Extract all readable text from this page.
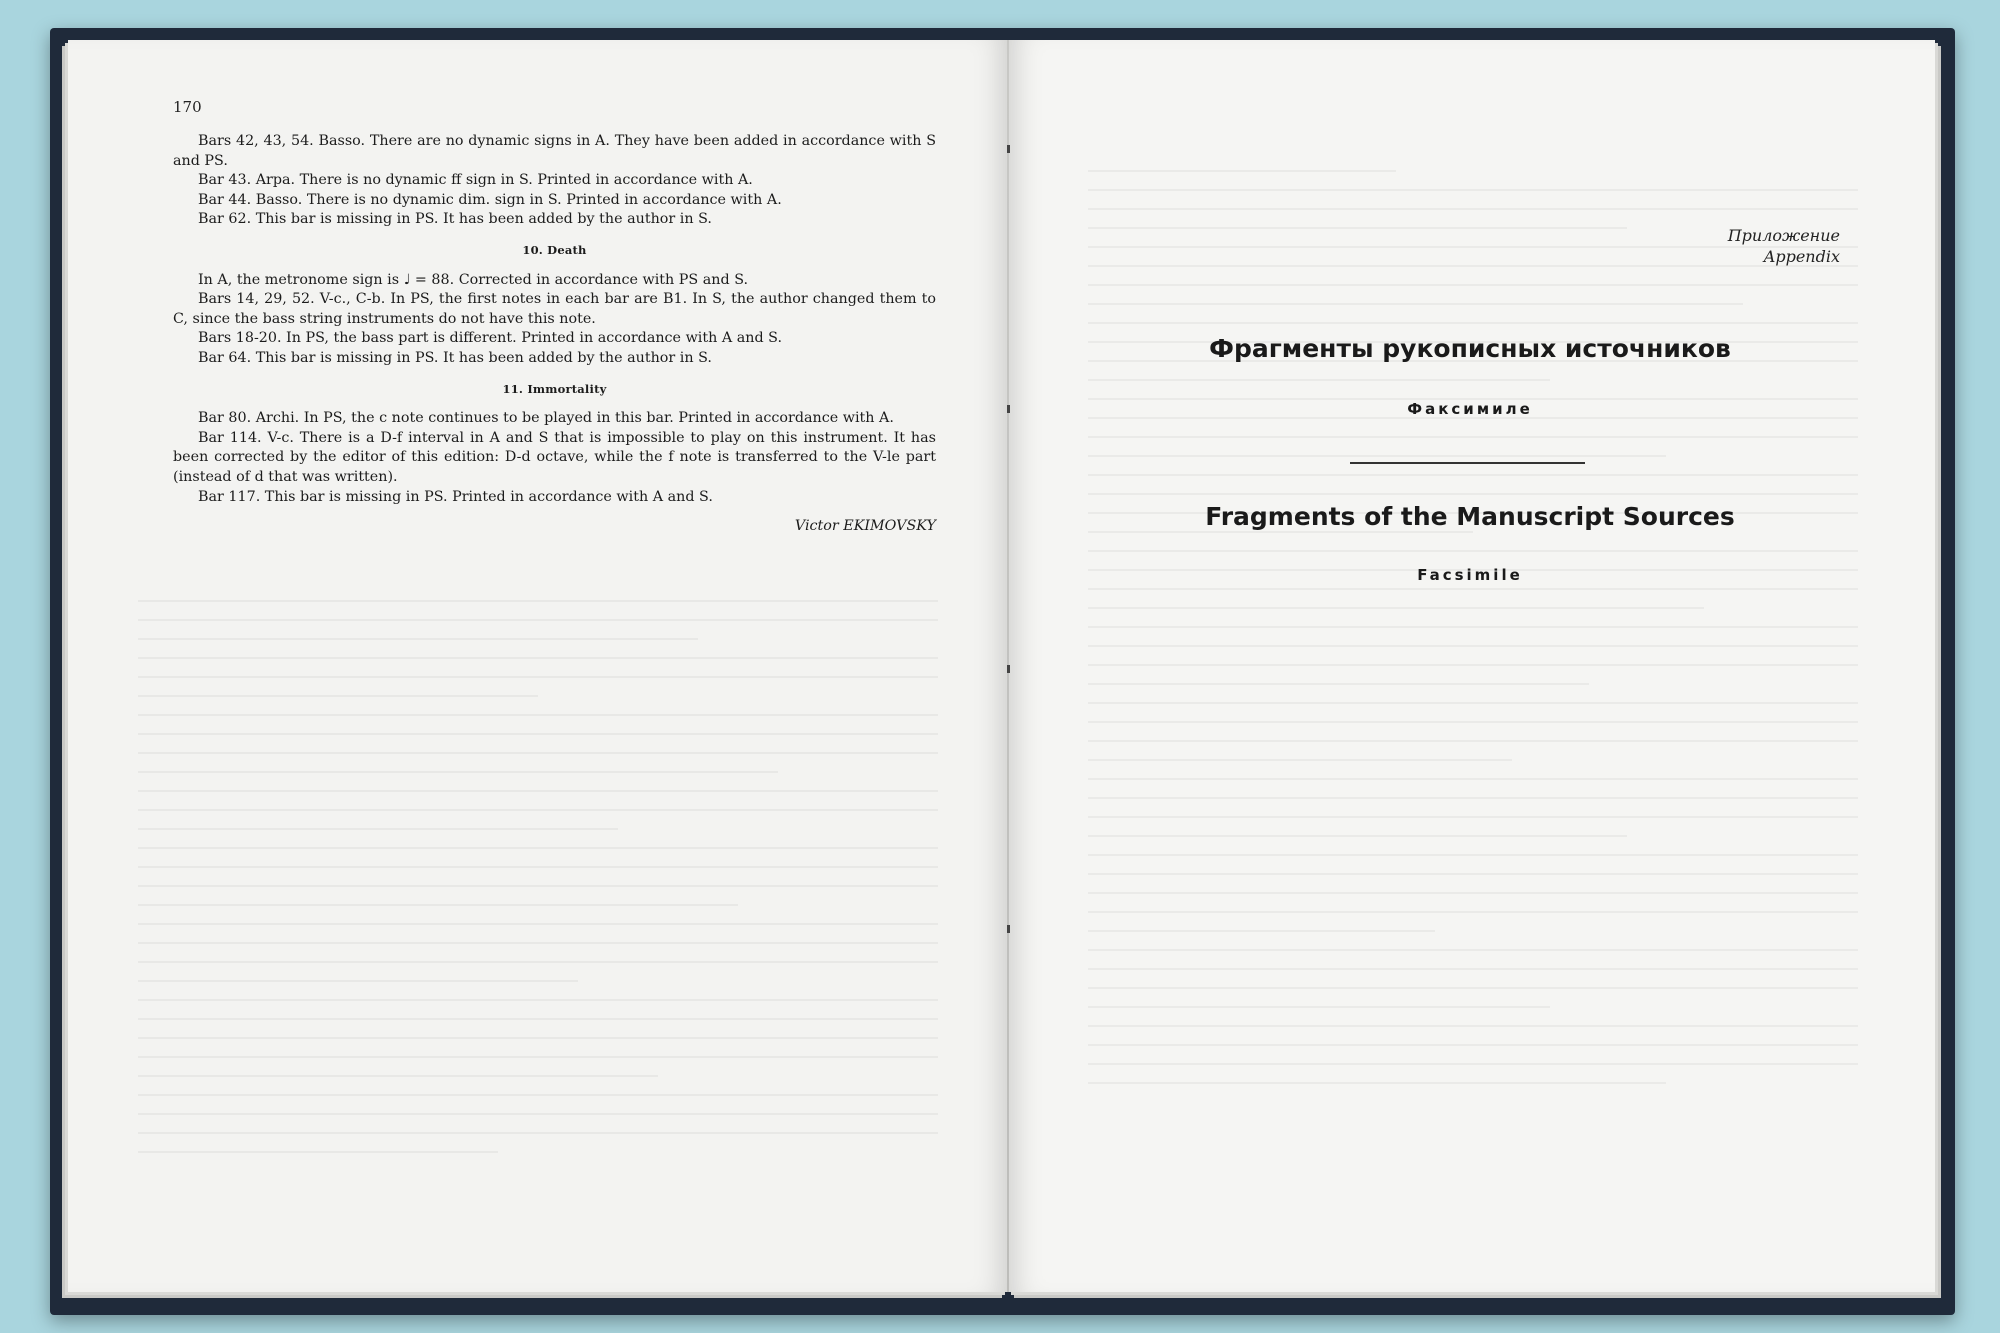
170

Bars 42, 43, 54. Basso. There are no dynamic signs in A. They have been added in accordance with S and PS.

Bar 43. Arpa. There is no dynamic ff sign in S. Printed in accordance with A.

Bar 44. Basso. There is no dynamic dim. sign in S. Printed in accordance with A.

Bar 62. This bar is missing in PS. It has been added by the author in S.

10. Death

In A, the metronome sign is ♩ = 88. Corrected in accordance with PS and S.

Bars 14, 29, 52. V-c., C-b. In PS, the first notes in each bar are B1. In S, the author changed them to C, since the bass string instruments do not have this note.

Bars 18-20. In PS, the bass part is different. Printed in accordance with A and S.

Bar 64. This bar is missing in PS. It has been added by the author in S.

11. Immortality

Bar 80. Archi. In PS, the c note continues to be played in this bar. Printed in accordance with A.

Bar 114. V-c. There is a D-f interval in A and S that is impossible to play on this instrument. It has been corrected by the editor of this edition: D-d octave, while the f note is transferred to the V-le part (instead of d that was written).

Bar 117. This bar is missing in PS. Printed in accordance with A and S.

Victor EKIMOVSKY

Приложение
Appendix
Фрагменты рукописных источников
Факсимиле
Fragments of the Manuscript Sources
Facsimile
